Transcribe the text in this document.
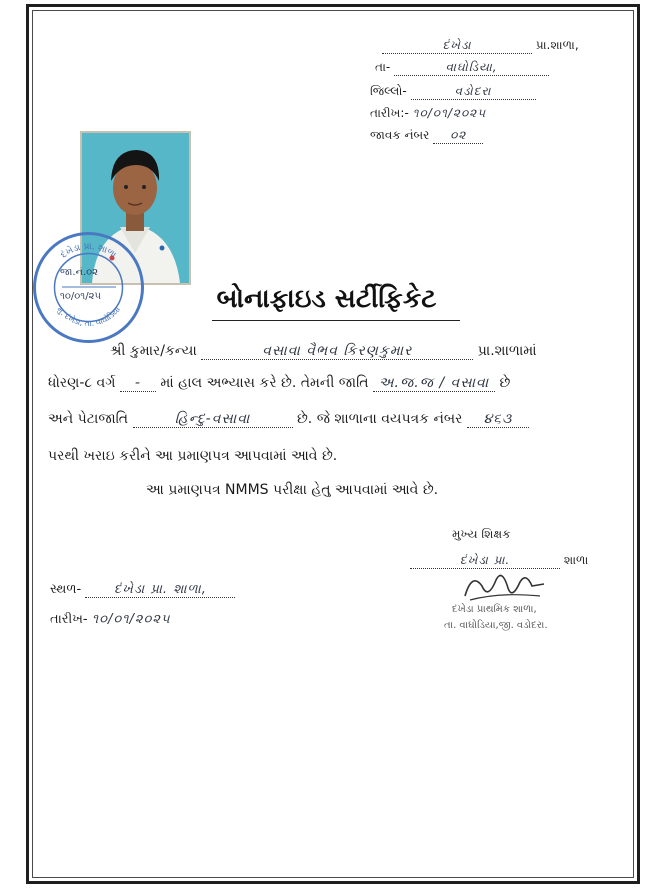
દંખેડા	પ્રા.શાળા,
તા-	વાઘોડિયા,
જિલ્લો-	વડોદરા
તારીખ:- ૧૦/૦૧/૨૦૨૫
જાવક નંબર ૦૨
દંખેડા પ્રા. શાળા
મુ. દંખેડા, તા. વાઘોડિયા
જા.નં.૦૨
૧૦/૦૧/૨૫	બોનાફાઇડ સર્ટીફિકેટ
શ્રી કુમાર/કન્યા	વસાવા વૈભવ કિરણકુમાર	પ્રા.શાળામાં
ધોરણ-૮ વર્ગ - માં હાલ અભ્યાસ કરે છે. તેમની જાતિ અ.જ.જ / વસાવા છે
અને પેટાજાતિ	હિન્દુ-વસાવા	છે. જે શાળાના વયપત્રક નંબર ૪૬૩
પરથી ખરાઇ કરીને આ પ્રમાણપત્ર આપવામાં આવે છે.
આ પ્રમાણપત્ર NMMS પરીક્ષા હેતુ આપવામાં આવે છે.
મુખ્ય શિક્ષક
દંખેડા પ્રા.	શાળા
દંખેડા પ્રાથમિક શાળા,
તા. વાઘોડિયા,જી. વડોદરા.
સ્થળ-	દંખેડા પ્રા. શાળા,
તારીખ- ૧૦/૦૧/૨૦૨૫
